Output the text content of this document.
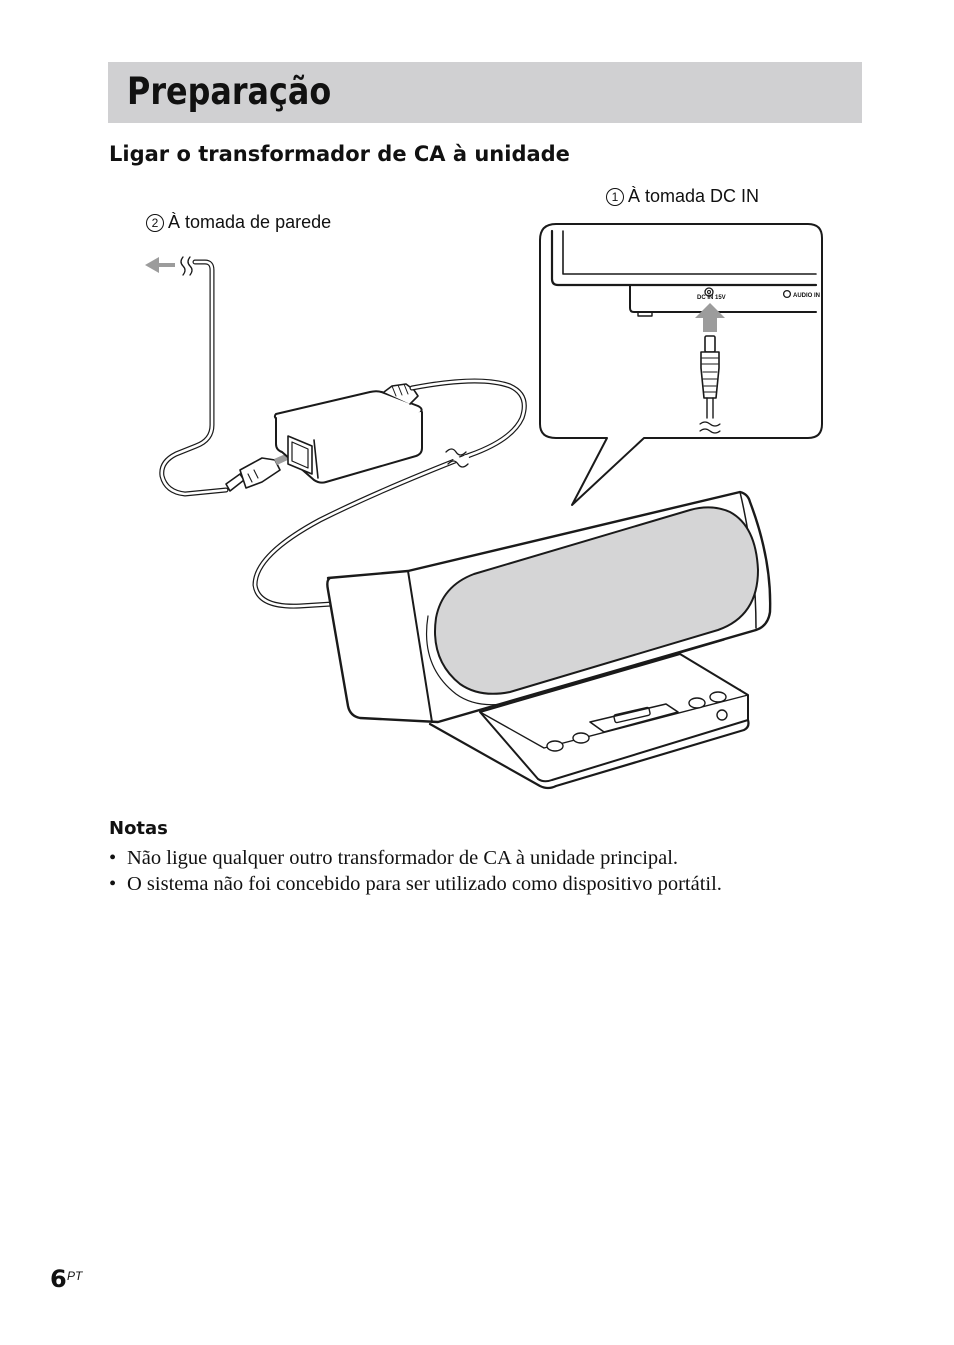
Preparação
Ligar o transformador de CA à unidade
1 À tomada DC IN
2 À tomada de parede
DC IN 15V	AUDIO IN
Notas
• Não ligue qualquer outro transformador de CA à unidade principal.
• O sistema não foi concebido para ser utilizado como dispositivo portátil.
6 PT
